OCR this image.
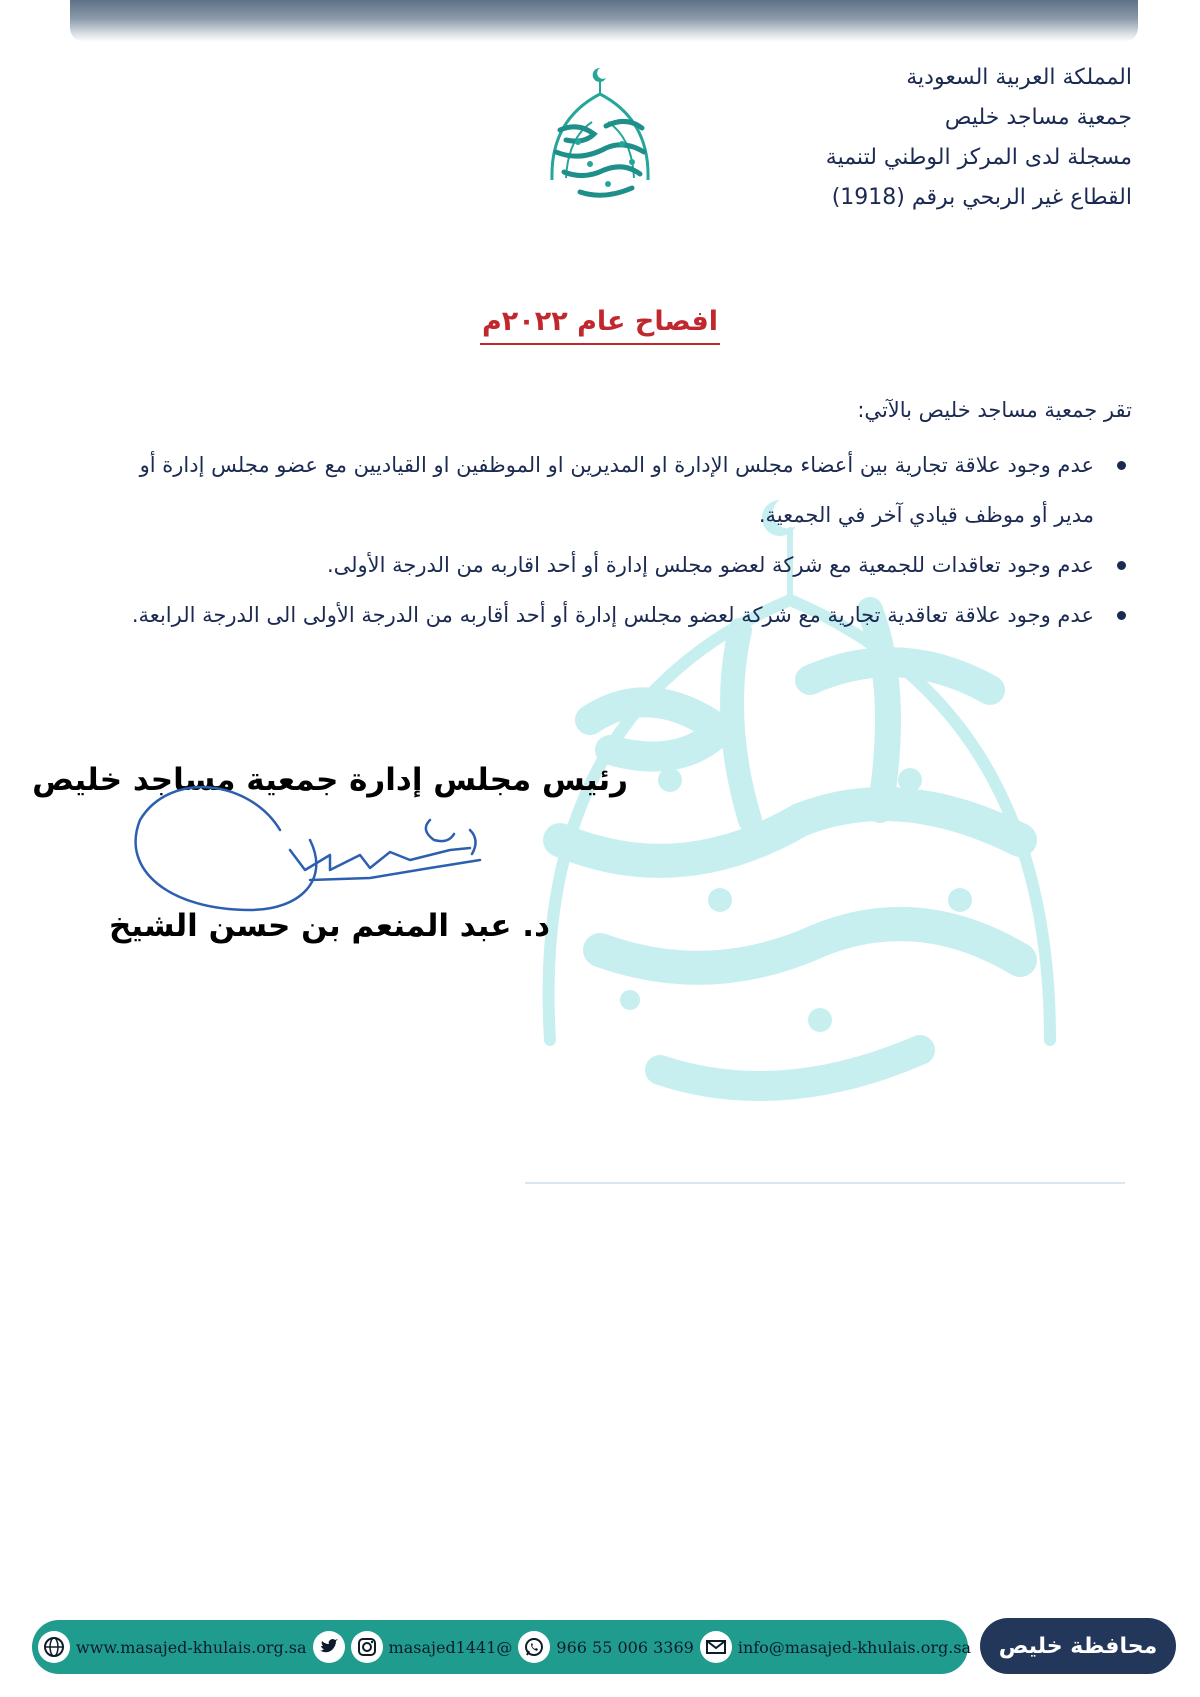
المملكة العربية السعودية
جمعية مساجد خليص
مسجلة لدى المركز الوطني لتنمية
القطاع غير الربحي برقم (1918)
افصاح عام ٢٠٢٢م
تقر جمعية مساجد خليص بالآتي:
عدم وجود علاقة تجارية بين أعضاء مجلس الإدارة او المديرين او الموظفين او القياديين مع عضو مجلس إدارة أو مدير أو موظف قيادي آخر في الجمعية.
عدم وجود تعاقدات للجمعية مع شركة لعضو مجلس إدارة أو أحد اقاربه من الدرجة الأولى.
عدم وجود علاقة تعاقدية تجارية مع شركة لعضو مجلس إدارة أو أحد أقاربه من الدرجة الأولى الى الدرجة الرابعة.
رئيس مجلس إدارة جمعية مساجد خليص
د. عبد المنعم بن حسن الشيخ
www.masajed-khulais.org.sa	masajed1441@	966 55 006 3369	info@masajed-khulais.org.sa	محافظة خليص
